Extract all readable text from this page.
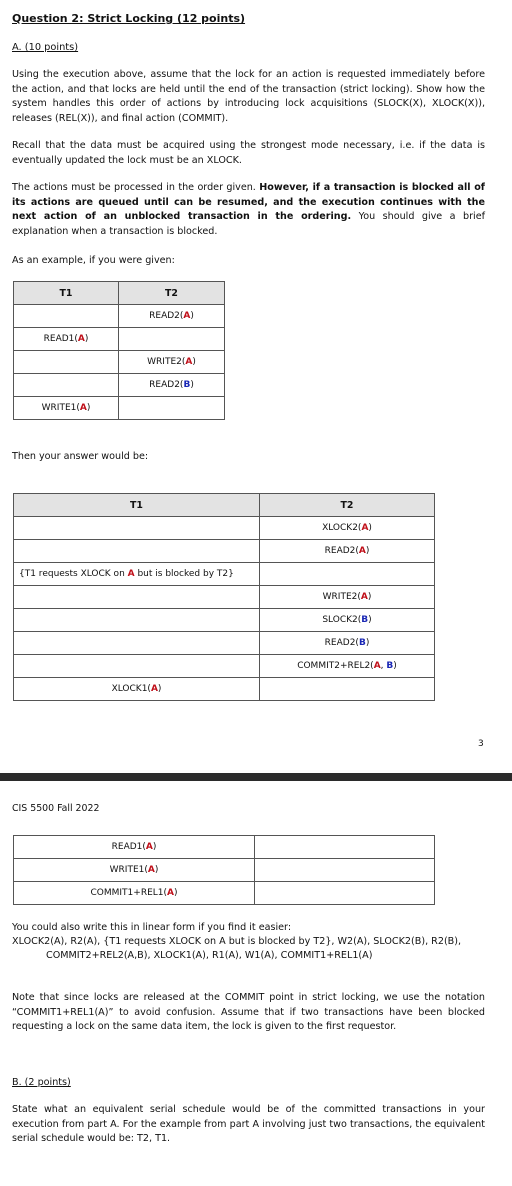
Question 2: Strict Locking (12 points)
A. (10 points)
Using the execution above, assume that the lock for an action is requested immediately before the action, and that locks are held until the end of the transaction (strict locking). Show how the system handles this order of actions by introducing lock acquisitions (SLOCK(X), XLOCK(X)), releases (REL(X)), and final action (COMMIT).
Recall that the data must be acquired using the strongest mode necessary, i.e. if the data is eventually updated the lock must be an XLOCK.
The actions must be processed in the order given. However, if a transaction is blocked all of its actions are queued until can be resumed, and the execution continues with the next action of an unblocked transaction in the ordering. You should give a brief explanation when a transaction is blocked.
As an example, if you were given:
T1	T2
	READ2(A)
READ1(A)	
	WRITE2(A)
	READ2(B)
WRITE1(A)	
Then your answer would be:
T1	T2
	XLOCK2(A)
	READ2(A)
{T1 requests XLOCK on A but is blocked by T2}	
	WRITE2(A)
	SLOCK2(B)
	READ2(B)
	COMMIT2+REL2(A, B)
XLOCK1(A)	
3
CIS 5500 Fall 2022
READ1(A)	
WRITE1(A)	
COMMIT1+REL1(A)	
You could also write this in linear form if you find it easier:
XLOCK2(A), R2(A), {T1 requests XLOCK on A but is blocked by T2}, W2(A), SLOCK2(B), R2(B),
COMMIT2+REL2(A,B), XLOCK1(A), R1(A), W1(A), COMMIT1+REL1(A)
Note that since locks are released at the COMMIT point in strict locking, we use the notation “COMMIT1+REL1(A)” to avoid confusion. Assume that if two transactions have been blocked requesting a lock on the same data item, the lock is given to the first requestor.
B. (2 points)
State what an equivalent serial schedule would be of the committed transactions in your execution from part A. For the example from part A involving just two transactions, the equivalent serial schedule would be: T2, T1.
